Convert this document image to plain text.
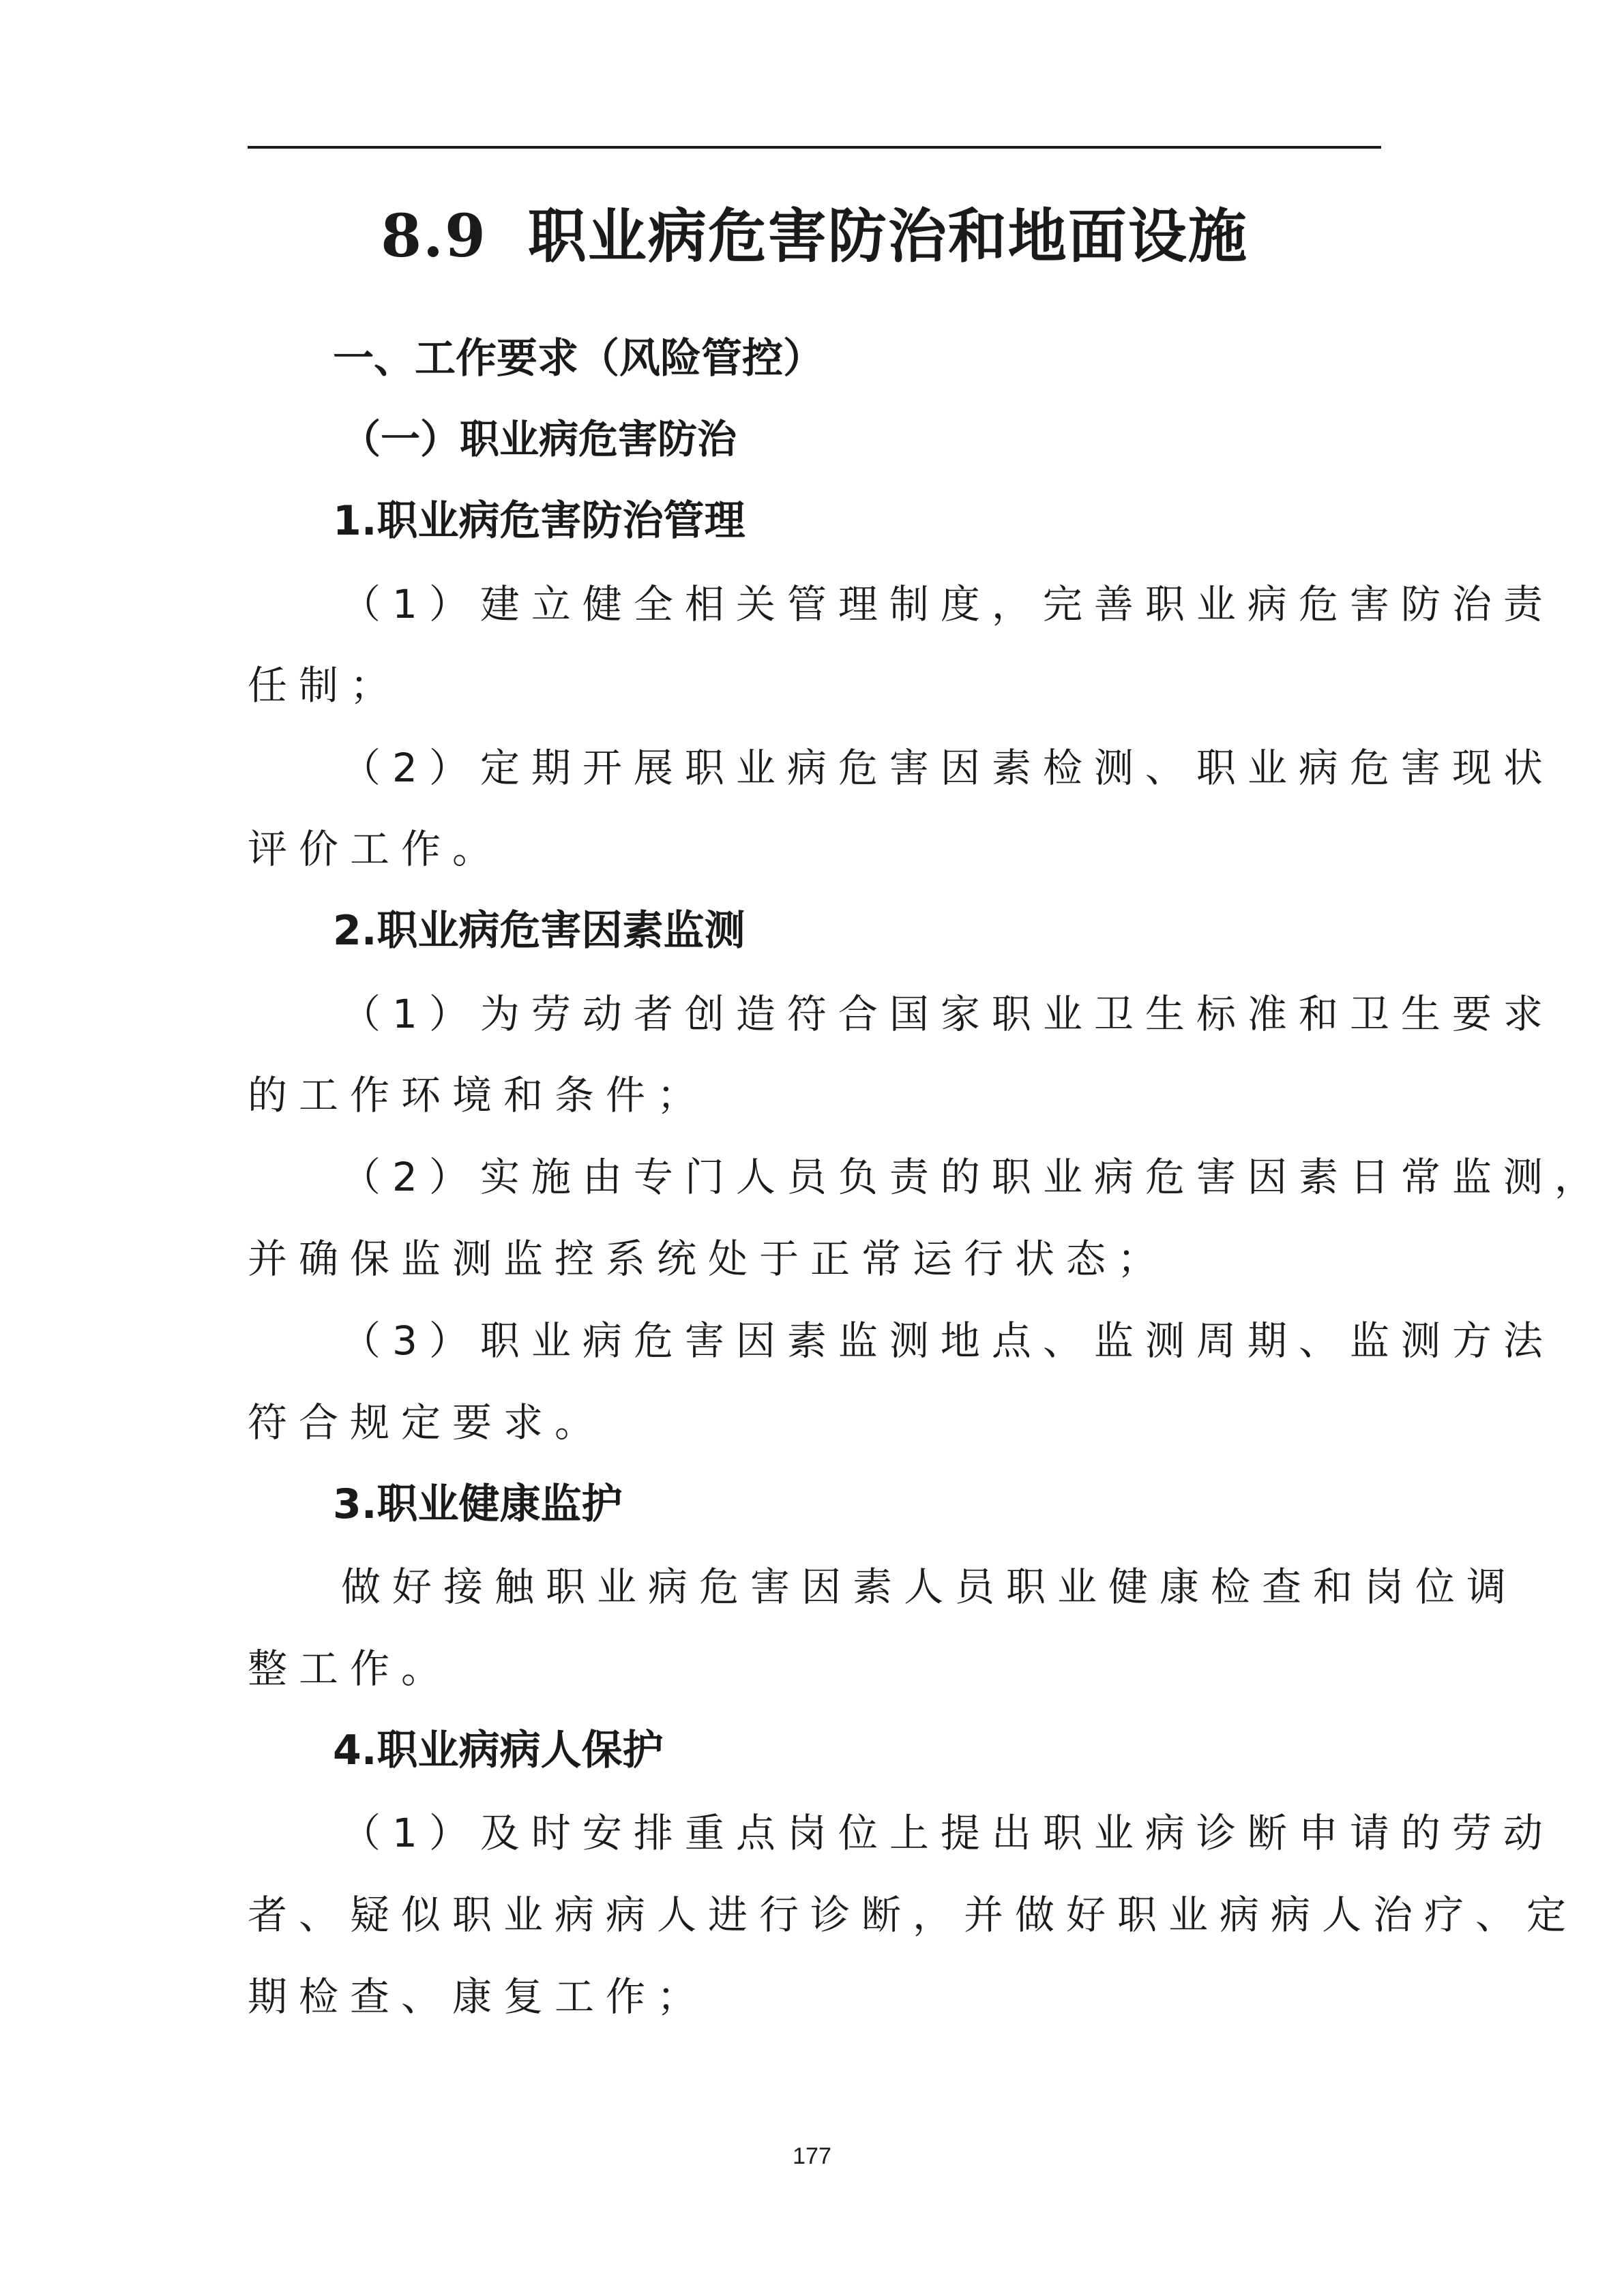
8.9 职业病危害防治和地面设施
一、工作要求（风险管控）
（一）职业病危害防治
1.职业病危害防治管理
（1）建立健全相关管理制度，完善职业病危害防治责
任制；
（2）定期开展职业病危害因素检测、职业病危害现状
评价工作。
2.职业病危害因素监测
（1）为劳动者创造符合国家职业卫生标准和卫生要求
的工作环境和条件；
（2）实施由专门人员负责的职业病危害因素日常监测，
并确保监测监控系统处于正常运行状态；
（3）职业病危害因素监测地点、监测周期、监测方法
符合规定要求。
3.职业健康监护
做好接触职业病危害因素人员职业健康检查和岗位调
整工作。
4.职业病病人保护
（1）及时安排重点岗位上提出职业病诊断申请的劳动
者、疑似职业病病人进行诊断，并做好职业病病人治疗、定
期检查、康复工作；
177
